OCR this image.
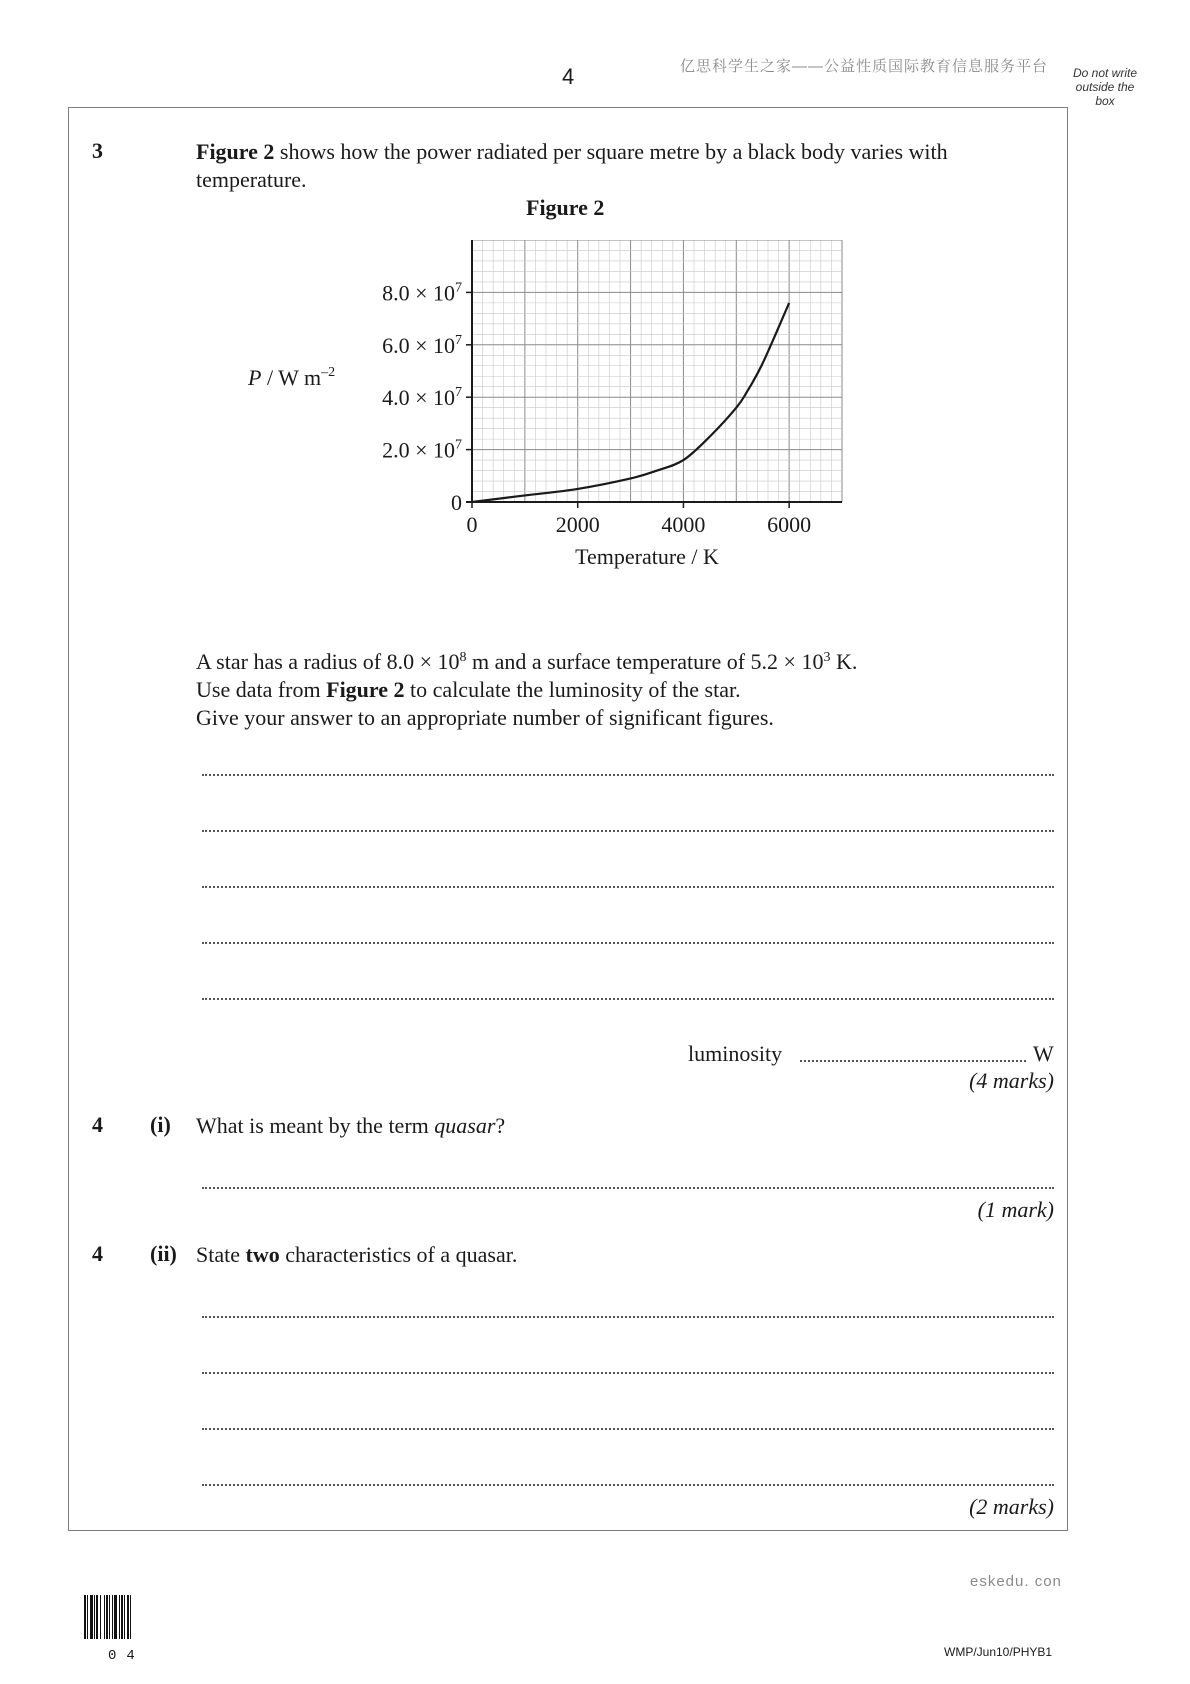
4	亿思科学生之家——公益性质国际教育信息服务平台	Do not write outside the box
3	Figure 2 shows how the power radiated per square metre by a black body varies with temperature.
Figure 2
0	2000	4000	6000
0
$2.0 \times 10^7$
$4.0 \times 10^7$
$6.0 \times 10^7$
$8.0 \times 10^7$
P / W $m^{-2}$
Temperature / K
A star has a radius of $8.0 \times 10^8$ m and a surface temperature of $5.2 \times 10^3$ K.
Use data from Figure 2 to calculate the luminosity of the star.
Give your answer to an appropriate number of significant figures.
luminosity	W
(4 marks)
4 (i) What is meant by the term quasar?
(1 mark)
4 (ii) State two characteristics of a quasar.
(2 marks)
eskedu. con
04	WMP/Jun10/PHYB1
